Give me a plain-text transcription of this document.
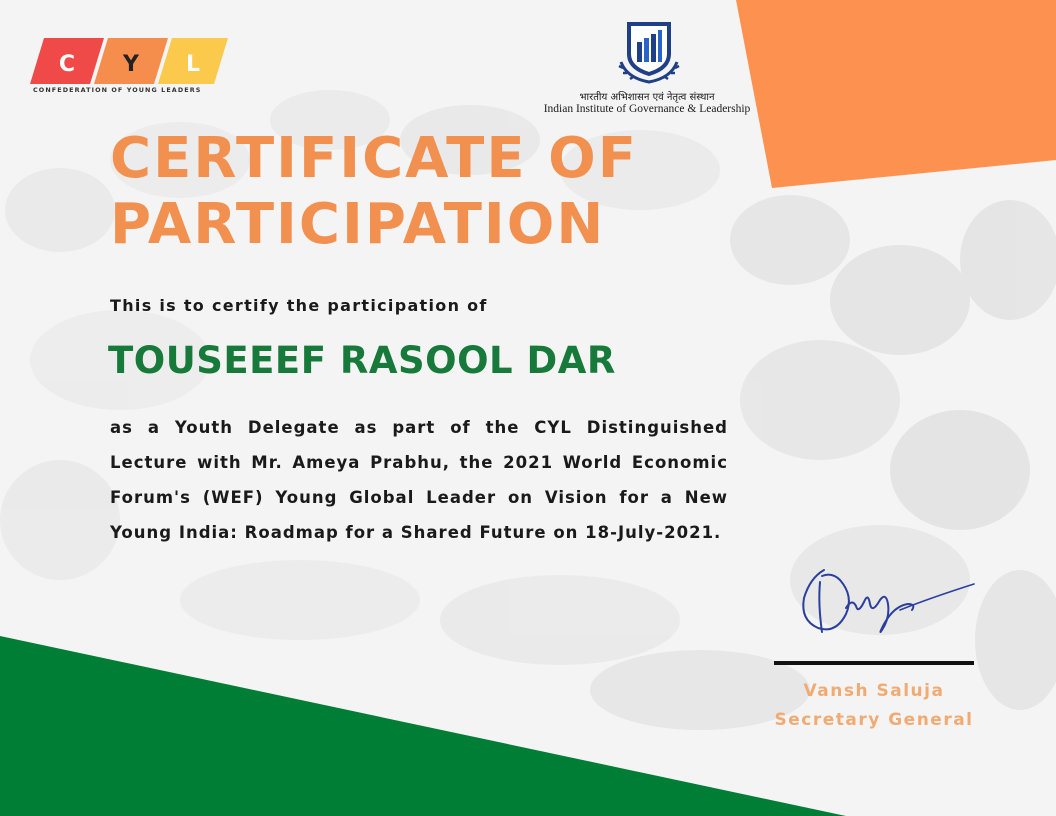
C Y L
CONFEDERATION OF YOUNG LEADERS
भारतीय अभिशासन एवं नेतृत्व संस्थान
Indian Institute of Governance & Leadership
CERTIFICATE OF
PARTICIPATION
This is to certify the participation of
TOUSEEEF RASOOL DAR

as a Youth Delegate as part of the CYL Distinguished Lecture with Mr. Ameya Prabhu, the 2021 World Economic Forum's (WEF) Young Global Leader on Vision for a New Young India: Roadmap for a Shared Future on 18-July-2021.

Vansh Saluja
Secretary General
